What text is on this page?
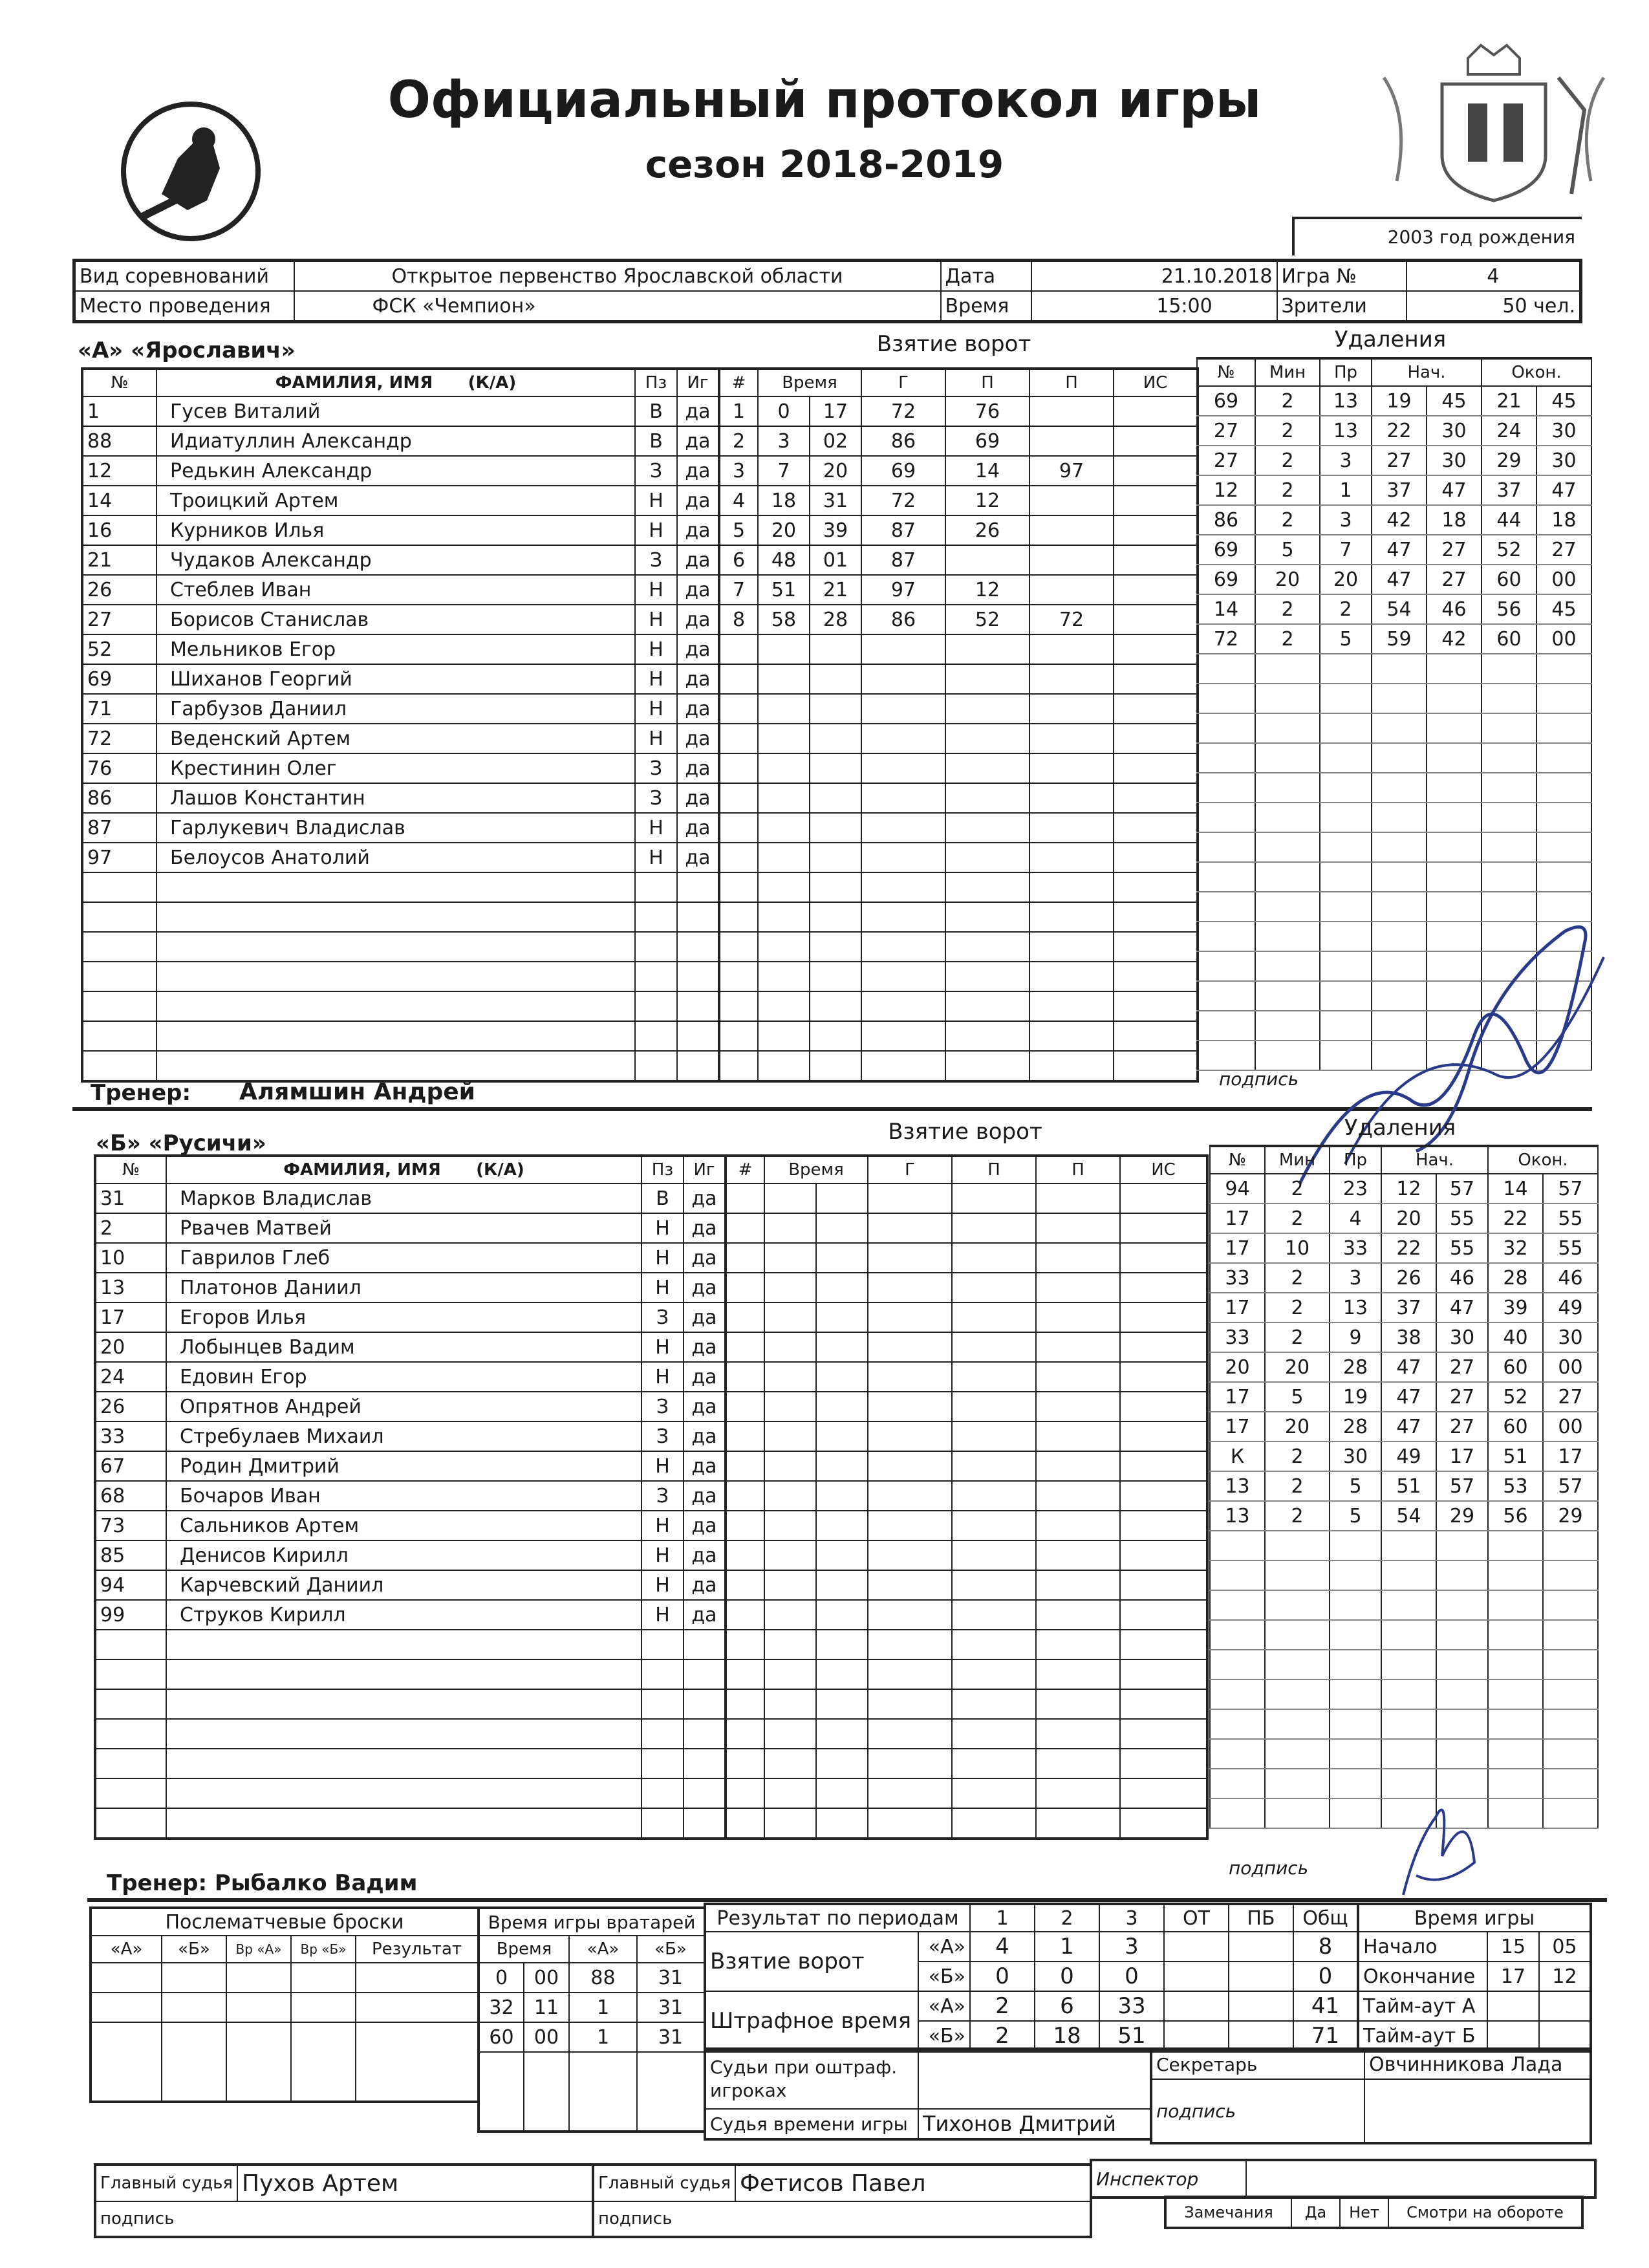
Официальный протокол игры
сезон 2018-2019
2003 год рождения
Вид соревнований	Открытое первенство Ярославской области	Дата	21.10.2018	Игра №	4
Место проведения	ФСК «Чемпион»	Время	15:00	Зрители	50 чел.
«А» «Ярославич»	Взятие ворот	Удаления
№	ФАМИЛИЯ, ИМЯ (К/А)	Пз	Иг
1	Гусев Виталий	В	да
88	Идиатуллин Александр	В	да
12	Редькин Александр	З	да
14	Троицкий Артем	Н	да
16	Курников Илья	Н	да
21	Чудаков Александр	З	да
26	Стеблев Иван	Н	да
27	Борисов Станислав	Н	да
52	Мельников Егор	Н	да
69	Шиханов Георгий	Н	да
71	Гарбузов Даниил	Н	да
72	Веденский Артем	Н	да
76	Крестинин Олег	З	да
86	Лашов Константин	З	да
87	Гарлукевич Владислав	Н	да
97	Белоусов Анатолий	Н	да

#	Время		Г	П	П	ИС
1	0	17	72	76		
2	3	02	86	69		
3	7	20	69	14	97	
4	18	31	72	12		
5	20	39	87	26		
6	48	01	87			
7	51	21	97	12		
8	58	28	86	52	72	

№	Мин	Пр	Нач.		Окон.	
69	2	13	19	45	21	45
27	2	13	22	30	24	30
27	2	3	27	30	29	30
12	2	1	37	47	37	47
86	2	3	42	18	44	18
69	5	7	47	27	52	27
69	20	20	47	27	60	00
14	2	2	54	46	56	45
72	2	5	59	42	60	00

Тренер: Алямшин Андрей	подпись
«Б» «Русичи»	Взятие ворот	Удаления
№	ФАМИЛИЯ, ИМЯ (К/А)	Пз	Иг
31	Марков Владислав	В	да
2	Рвачев Матвей	Н	да
10	Гаврилов Глеб	Н	да
13	Платонов Даниил	Н	да
17	Егоров Илья	З	да
20	Лобынцев Вадим	Н	да
24	Едовин Егор	Н	да
26	Опрятнов Андрей	З	да
33	Стребулаев Михаил	З	да
67	Родин Дмитрий	Н	да
68	Бочаров Иван	З	да
73	Сальников Артем	Н	да
85	Денисов Кирилл	Н	да
94	Карчевский Даниил	Н	да
99	Струков Кирилл	Н	да

#	Время		Г	П	П	ИС

							№	Мин	Пр	Нач.		Окон.	
94	2	23	12	57	14	57
17	2	4	20	55	22	55
17	10	33	22	55	32	55
33	2	3	26	46	28	46
17	2	13	37	47	39	49
33	2	9	38	30	40	30
20	20	28	47	27	60	00
17	5	19	47	27	52	27
17	20	28	47	27	60	00
К	2	30	49	17	51	17
13	2	5	51	57	53	57
13	2	5	54	29	56	29

Тренер: Рыбалко Вадим
подпись
Послематчевые броски				
«А»	«Б»	Вр «А»	Вр «Б»	Результат

Время игры вратарей			
Время		«А»	«Б»
0	00	88	31
32	11	1	31
60	00	1	31

Результат по периодам		1	2	3	ОТ	ПБ	Общ
Взятие ворот	«А»	4	1	3			8
	«Б»	0	0	0			0
Штрафное время	«А»	2	6	33			41
	«Б»	2	18	51			71
Время игры		
Начало	15	05
Окончание	17	12
Тайм-аут А		
Тайм-аут Б		
Судьи при оштраф. игроках	
Судья времени игры	Тихонов Дмитрий
Секретарь	Овчинникова Лада
подпись	
Главный судья	Пухов Артем
подпись
Главный судья	Фетисов Павел
подпись
Инспектор	
Замечания	Да	Нет	Смотри на обороте
